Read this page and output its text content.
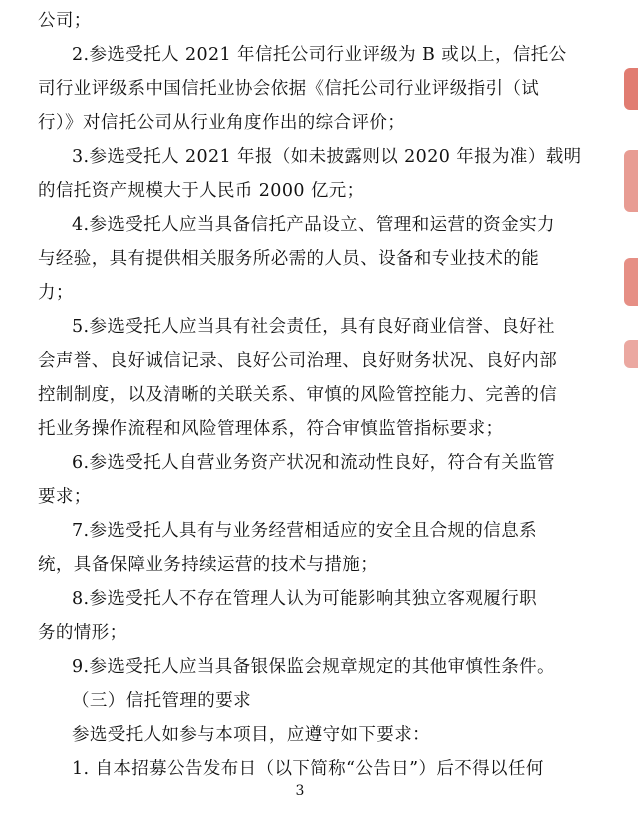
公司；
2.参选受托人 2021 年信托公司行业评级为 B 或以上，信托公
司行业评级系中国信托业协会依据《信托公司行业评级指引（试
行）》对信托公司从行业角度作出的综合评价；
3.参选受托人 2021 年报（如未披露则以 2020 年报为准）载明
的信托资产规模大于人民币 2000 亿元；
4.参选受托人应当具备信托产品设立、管理和运营的资金实力
与经验，具有提供相关服务所必需的人员、设备和专业技术的能
力；
5.参选受托人应当具有社会责任，具有良好商业信誉、良好社
会声誉、良好诚信记录、良好公司治理、良好财务状况、良好内部
控制制度，以及清晰的关联关系、审慎的风险管控能力、完善的信
托业务操作流程和风险管理体系，符合审慎监管指标要求；
6.参选受托人自营业务资产状况和流动性良好，符合有关监管
要求；
7.参选受托人具有与业务经营相适应的安全且合规的信息系
统，具备保障业务持续运营的技术与措施；
8.参选受托人不存在管理人认为可能影响其独立客观履行职
务的情形；
9.参选受托人应当具备银保监会规章规定的其他审慎性条件。
（三）信托管理的要求
参选受托人如参与本项目，应遵守如下要求：
1. 自本招募公告发布日（以下简称“公告日”）后不得以任何
3
